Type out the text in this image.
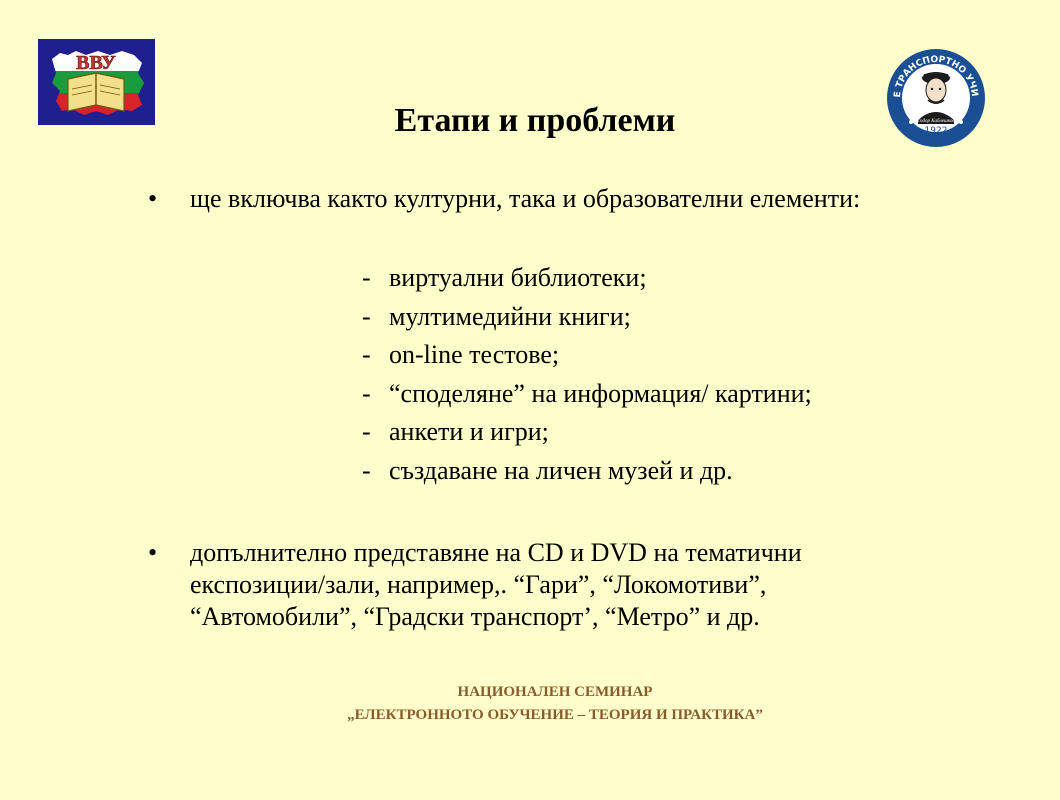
ВВУ
Е ТРАНСПОРТНО УЧИ
Тодор Каблешков
1922
Етапи и проблеми
• ще включва както културни, така и образователни елементи:
- виртуални библиотеки;
- мултимедийни книги;
- on-line тестове;
- “споделяне” на информация/ картини;
- анкети и игри;
- създаване на личен музей и др.
• допълнително представяне на CD и DVD на тематични
експозиции/зали, например,. “Гари”, “Локомотиви”,
“Автомобили”, “Градски транспорт’, “Метро” и др.
НАЦИОНАЛЕН СЕМИНАР
„ЕЛЕКТРОННОТО ОБУЧЕНИЕ – ТЕОРИЯ И ПРАКТИКА”
